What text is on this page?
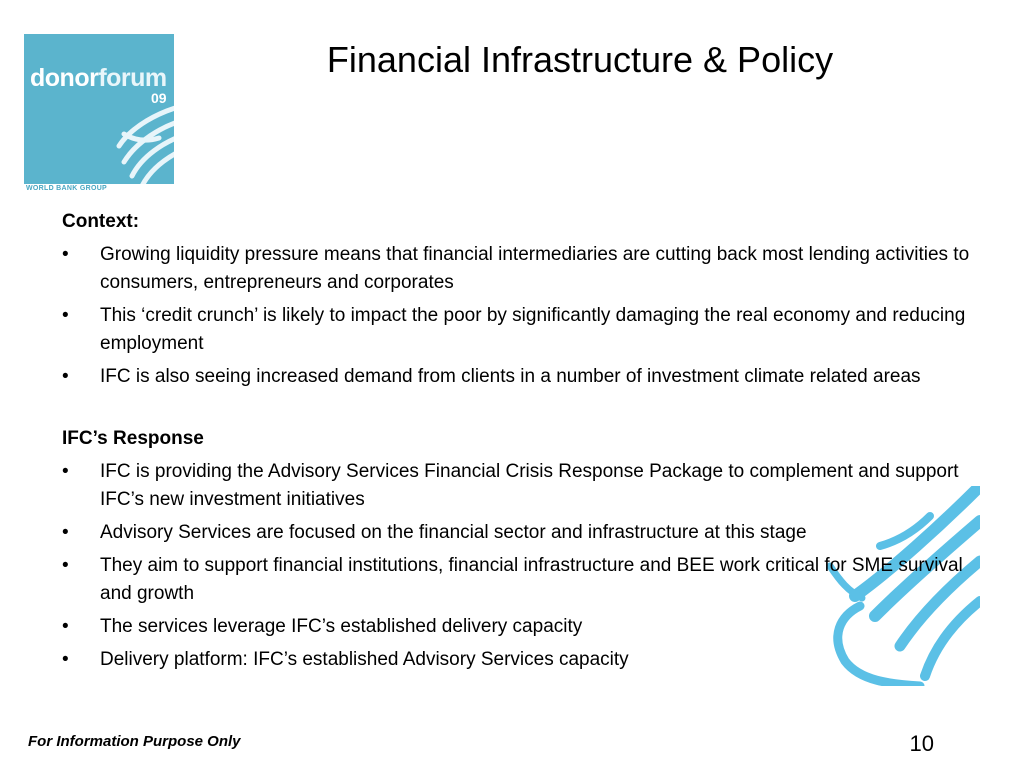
donorforum
09
WORLD BANK GROUP
Financial Infrastructure & Policy
Context:
• Growing liquidity pressure means that financial intermediaries are cutting back most lending activities to consumers, entrepreneurs and corporates
• This ‘credit crunch’ is likely to impact the poor by significantly damaging the real economy and reducing employment
• IFC is also seeing increased demand from clients in a number of investment climate related areas
IFC’s Response
• IFC is providing the Advisory Services Financial Crisis Response Package to complement and support IFC’s new investment initiatives
• Advisory Services are focused on the financial sector and infrastructure at this stage
• They aim to support financial institutions, financial infrastructure and BEE work critical for SME survival and growth
• The services leverage IFC’s established delivery capacity
• Delivery platform: IFC’s established Advisory Services capacity
For Information Purpose Only	10
